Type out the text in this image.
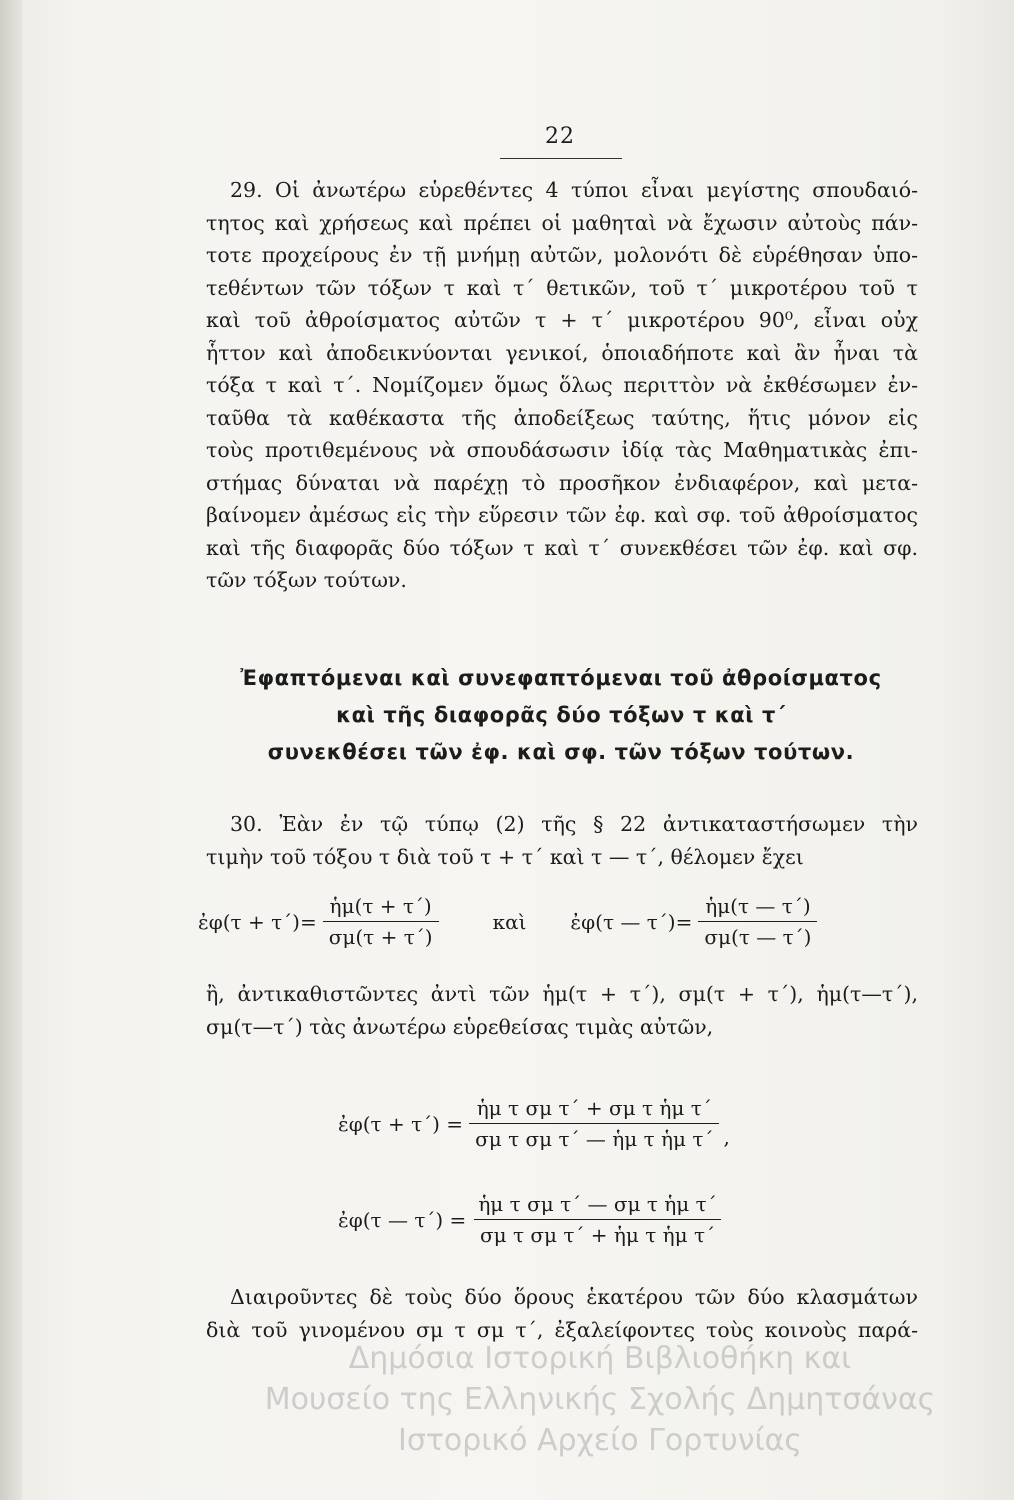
22
29. Οἱ ἀνωτέρω εὑρεθέντες 4 τύποι εἶναι μεγίστης σπουδαιό-
τητος καὶ χρήσεως καὶ πρέπει οἱ μαθηταὶ νὰ ἔχωσιν αὐτοὺς πάν-
τοτε προχείρους ἐν τῇ μνήμῃ αὐτῶν, μολονότι δὲ εὑρέθησαν ὑπο-
τεθέντων τῶν τόξων τ καὶ τ΄ θετικῶν, τοῦ τ΄ μικροτέρου τοῦ τ
καὶ τοῦ ἀθροίσματος αὐτῶν τ + τ΄ μικροτέρου 90⁰, εἶναι οὐχ
ἧττον καὶ ἀποδεικνύονται γενικοί, ὁποιαδήποτε καὶ ἂν ἦναι τὰ
τόξα τ καὶ τ΄. Νομίζομεν ὅμως ὅλως περιττὸν νὰ ἐκθέσωμεν ἐν-
ταῦθα τὰ καθέκαστα τῆς ἀποδείξεως ταύτης, ἥτις μόνον εἰς
τοὺς προτιθεμένους νὰ σπουδάσωσιν ἰδίᾳ τὰς Μαθηματικὰς ἐπι-
στήμας δύναται νὰ παρέχῃ τὸ προσῆκον ἐνδιαφέρον, καὶ μετα-
βαίνομεν ἀμέσως εἰς τὴν εὕρεσιν τῶν ἐφ. καὶ σφ. τοῦ ἀθροίσματος
καὶ τῆς διαφορᾶς δύο τόξων τ καὶ τ΄ συνεκθέσει τῶν ἐφ. καὶ σφ.
τῶν τόξων τούτων.
Ἐφαπτόμεναι καὶ συνεφαπτόμεναι τοῦ ἀθροίσματος
καὶ τῆς διαφορᾶς δύο τόξων τ καὶ τ΄
συνεκθέσει τῶν ἐφ. καὶ σφ. τῶν τόξων τούτων.
30. Ἐὰν ἐν τῷ τύπῳ (2) τῆς § 22 ἀντικαταστήσωμεν τὴν
τιμὴν τοῦ τόξου τ διὰ τοῦ τ + τ΄ καὶ τ — τ΄, θέλομεν ἔχει
ἐφ(τ + $\tau΄)= \frac{\text{ἡμ(τ + τ΄)}}{\sigma\mu(\tau + \tau΄)}$	καὶ ἐφ(τ — $\tau΄)= \frac{\text{ἡμ(τ — τ΄)}}{\sigma\mu(\tau — \tau΄)}$
ἢ, ἀντικαθιστῶντες ἀντὶ τῶν ἡμ(τ + τ΄), σμ(τ + τ΄), ἡμ(τ—τ΄),
σμ(τ—τ΄) τὰς ἀνωτέρω εὑρεθείσας τιμὰς αὐτῶν,
ἐφ(τ + $\tau΄) = \frac{\text{ἡμ τ σμ τ΄ + σμ τ ἡμ τ΄}}{\text{σμ τ σμ τ΄ — ἡμ τ ἡμ τ΄}}$ ,
ἐφ(τ — $\tau΄) = \frac{\text{ἡμ τ σμ τ΄ — σμ τ ἡμ τ΄}}{\text{σμ τ σμ τ΄ + ἡμ τ ἡμ τ΄}}$
Διαιροῦντες δὲ τοὺς δύο ὅρους ἑκατέρου τῶν δύο κλασμάτων
διὰ τοῦ γινομένου σμ τ σμ τ΄, ἐξαλείφοντες τοὺς κοινοὺς παρά-
Δημόσια Ιστορική Βιβλιοθήκη και
Μουσείο της Ελληνικής Σχολής Δημητσάνας
Ιστορικό Αρχείο Γορτυνίας
